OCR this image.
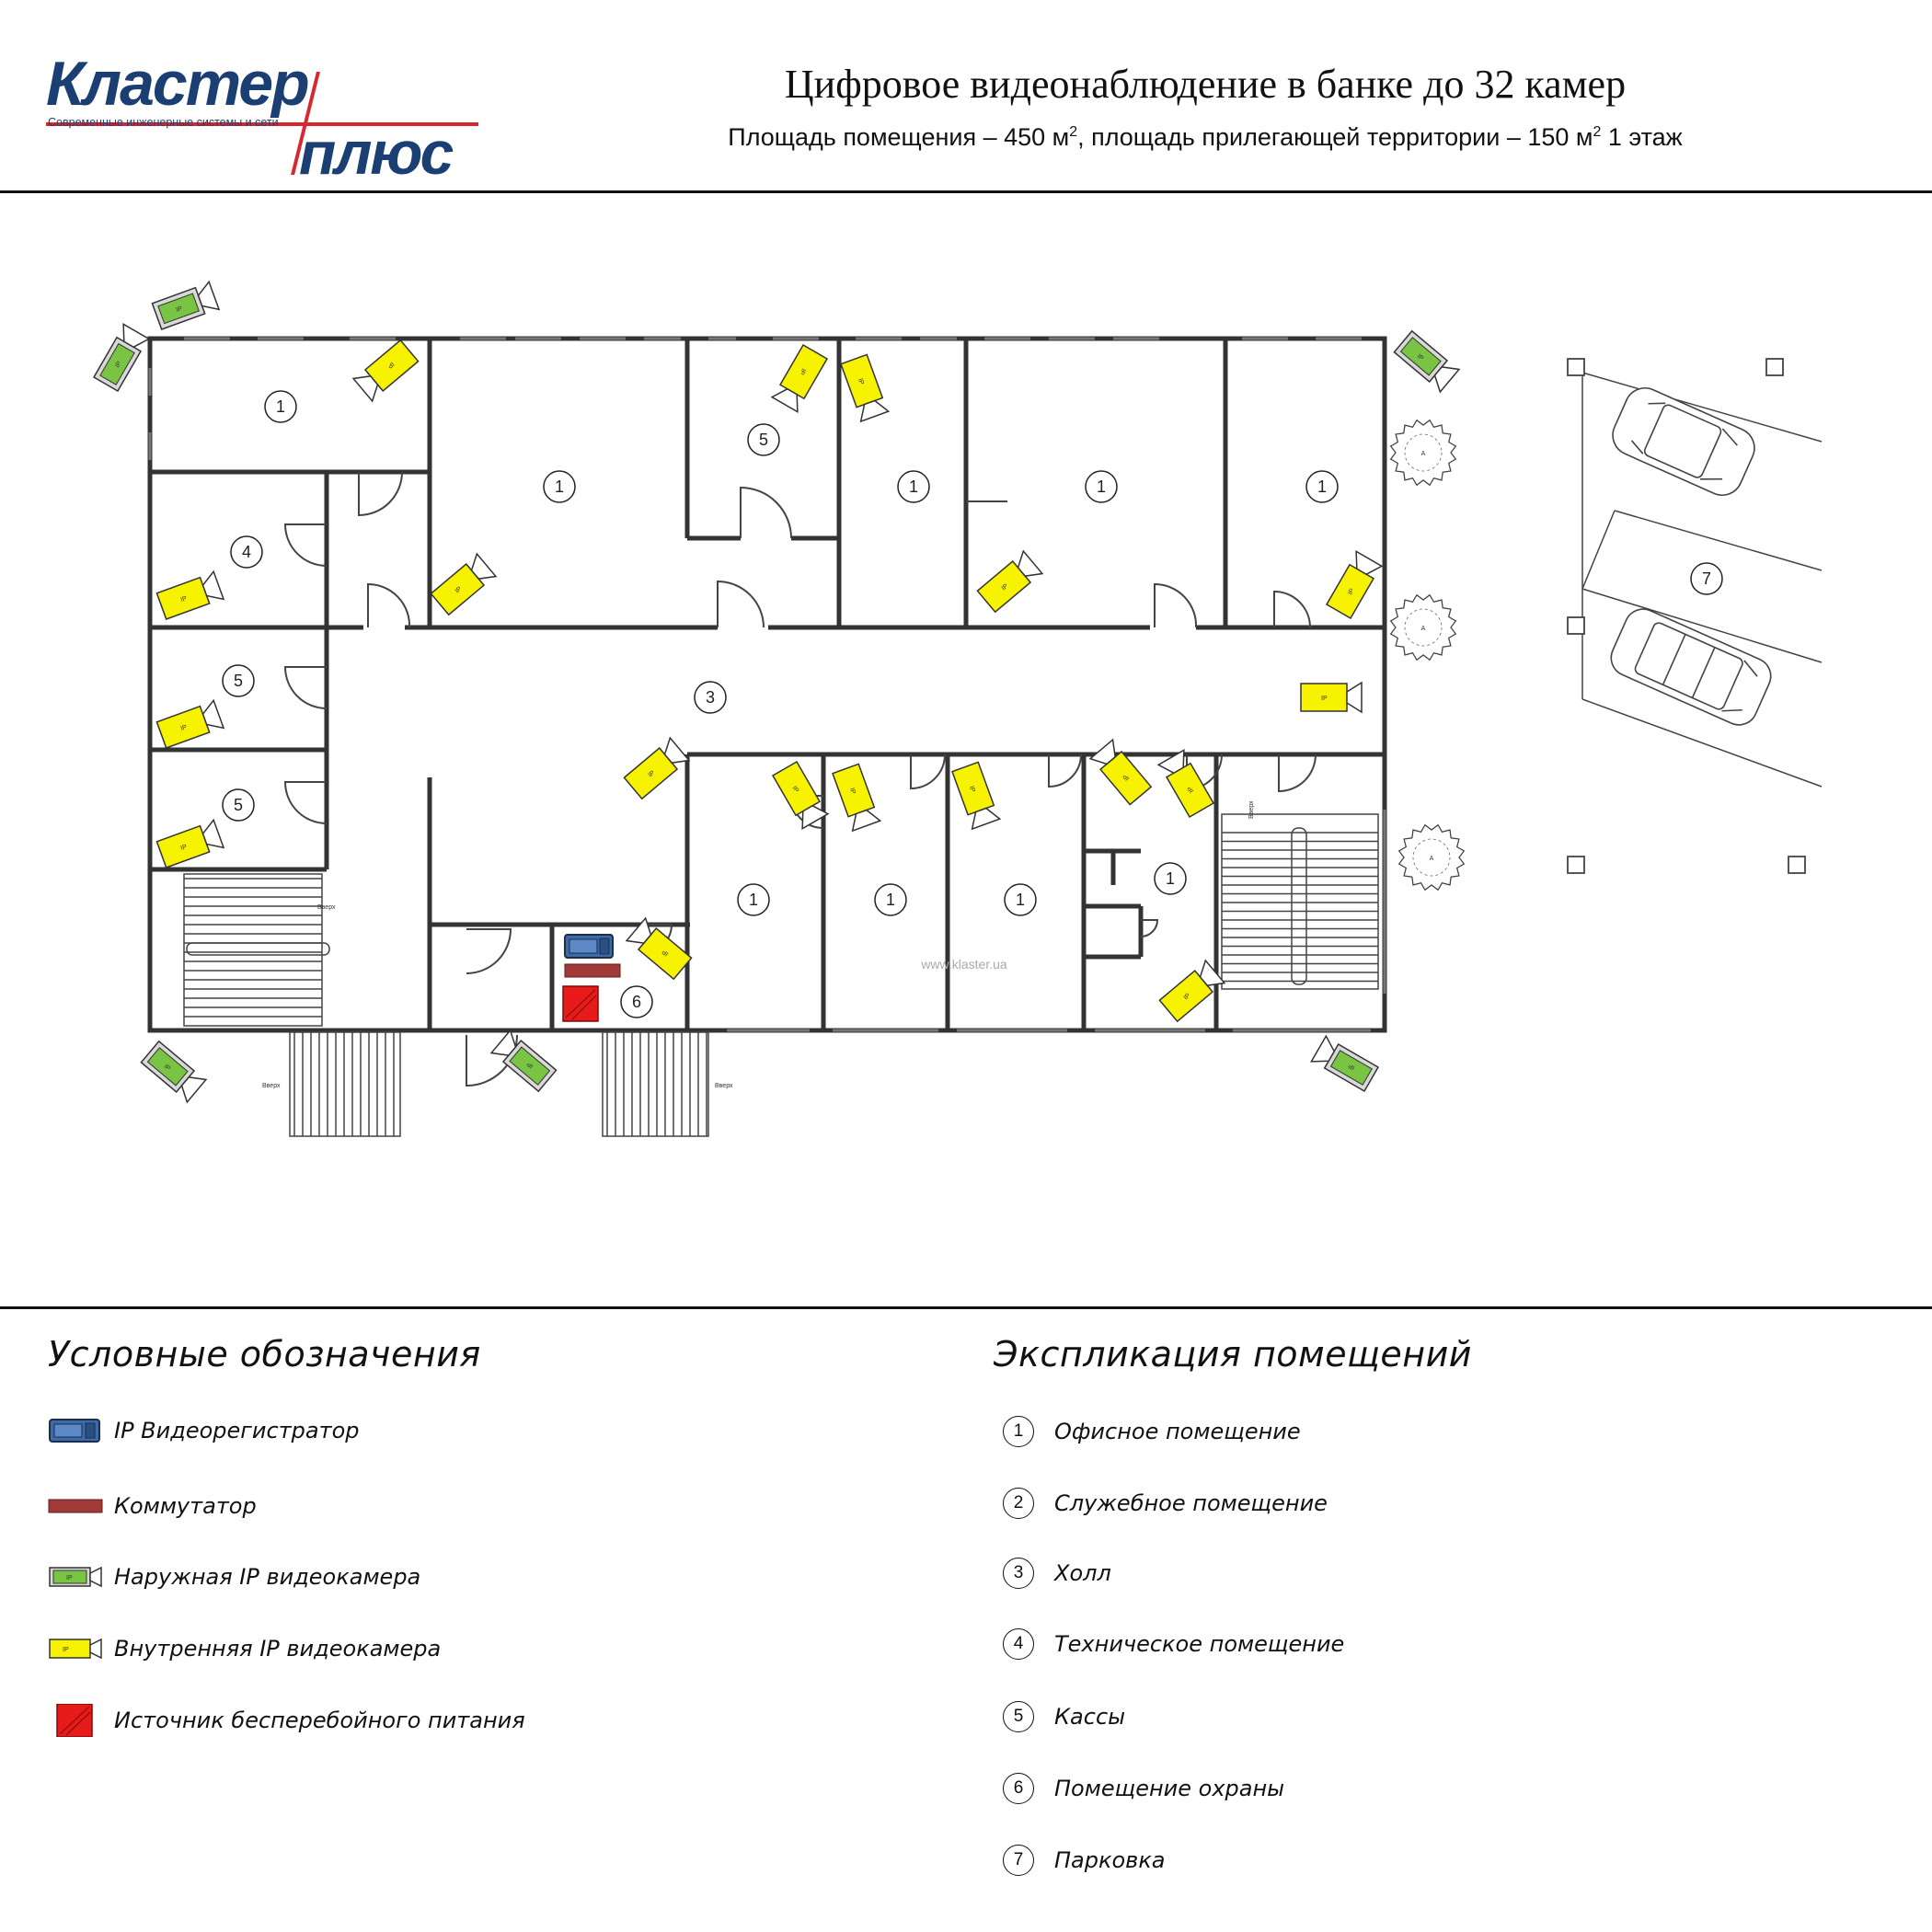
Кластер
Современные инженерные системы и сети плюс
Цифровое видеонаблюдение в банке до 32 камер
Площадь помещения – 450 $м^2$, площадь прилегающей территории – 150 $м^2$ 1 этаж
Вверх
Вверх	Вверх
Вверх
A
A
A
www.klaster.ua
1
1	1	1	1
1
4
5
5
5
3
1	1
1
6
7
IP
IP
IP
IP	IP	IP
IP
IP
IP
IP
IP	IP	IP
IP
IP
IP
IP
IP	IP	IP
IP
IP
IP
IP
Условные обозначения
IP Видеорегистратор
Коммутатор
IP Наружная IP видеокамера
IP Внутренняя IP видеокамера
Источник бесперебойного питания
Экспликация помещений
1	Офисное помещение
2	Служебное помещение
3	Холл
4	Техническое помещение
5	Кассы
6	Помещение охраны
7	Парковка
